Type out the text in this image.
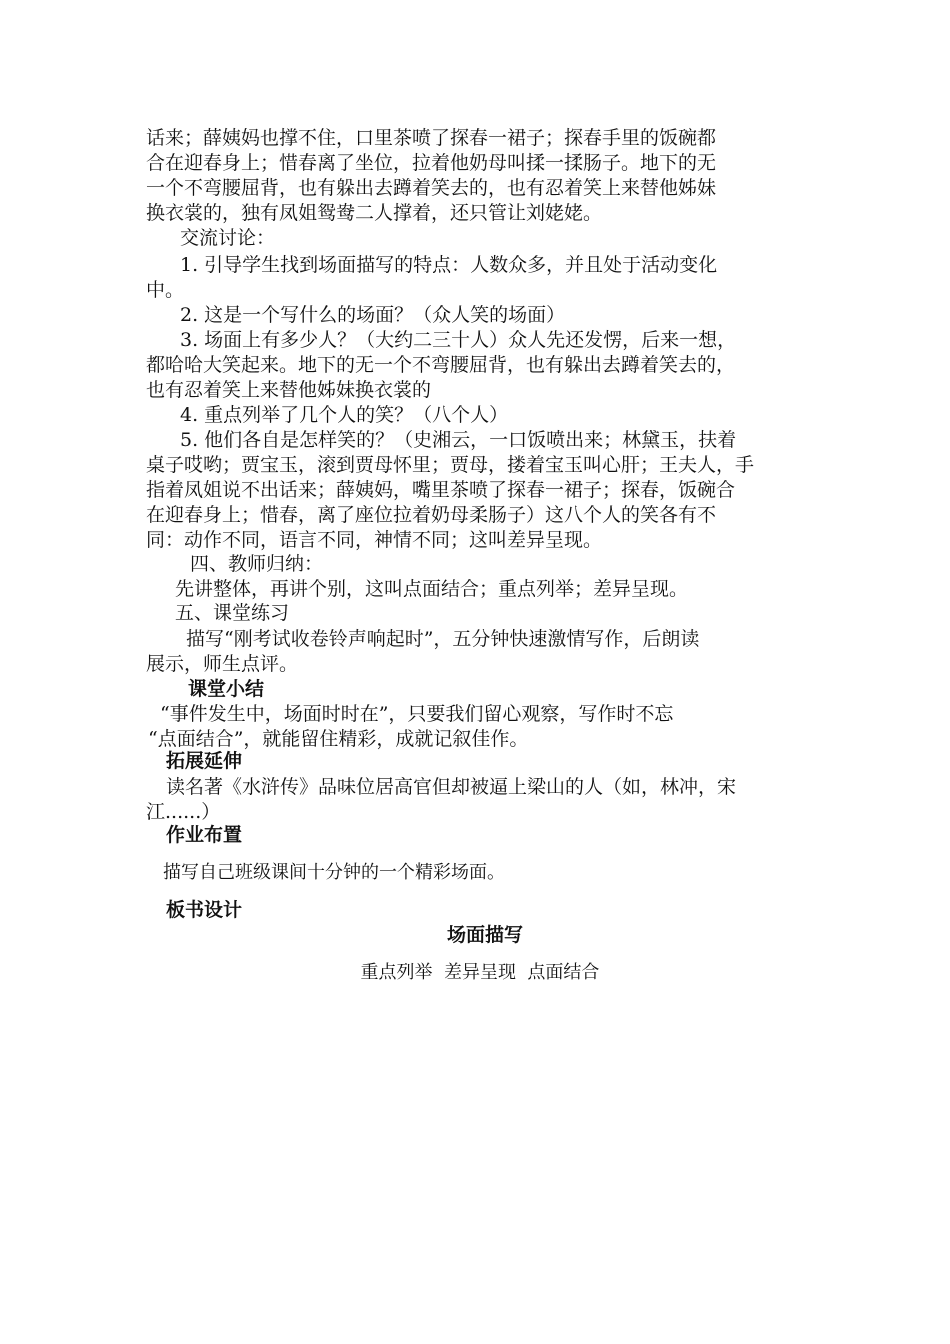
话来；薛姨妈也撑不住，口里茶喷了探春一裙子；探春手里的饭碗都
合在迎春身上；惜春离了坐位，拉着他奶母叫揉一揉肠子。地下的无
一个不弯腰屈背，也有躲出去蹲着笑去的，也有忍着笑上来替他姊妹
换衣裳的，独有凤姐鸳鸯二人撑着，还只管让刘姥姥。
交流讨论：
1. 引导学生找到场面描写的特点：人数众多，并且处于活动变化
中。
2. 这是一个写什么的场面？（众人笑的场面）
3. 场面上有多少人？（大约二三十人）众人先还发愣，后来一想，
都哈哈大笑起来。地下的无一个不弯腰屈背，也有躲出去蹲着笑去的，
也有忍着笑上来替他姊妹换衣裳的
4. 重点列举了几个人的笑？（八个人）
5. 他们各自是怎样笑的？（史湘云，一口饭喷出来；林黛玉，扶着
桌子哎哟；贾宝玉，滚到贾母怀里；贾母，搂着宝玉叫心肝；王夫人，手
指着凤姐说不出话来；薛姨妈，嘴里茶喷了探春一裙子；探春，饭碗合
在迎春身上；惜春，离了座位拉着奶母柔肠子）这八个人的笑各有不
同：动作不同，语言不同，神情不同；这叫差异呈现。
四、教师归纳：
先讲整体，再讲个别，这叫点面结合；重点列举；差异呈现。
五、课堂练习
描写“刚考试收卷铃声响起时”，五分钟快速激情写作，后朗读
展示，师生点评。
课堂小结
“事件发生中，场面时时在”，只要我们留心观察，写作时不忘
“点面结合”，就能留住精彩，成就记叙佳作。
拓展延伸
读名著《水浒传》品味位居高官但却被逼上梁山的人（如，林冲，宋
江......）
作业布置
描写自己班级课间十分钟的一个精彩场面。
板书设计
场面描写
重点列举  差异呈现  点面结合
